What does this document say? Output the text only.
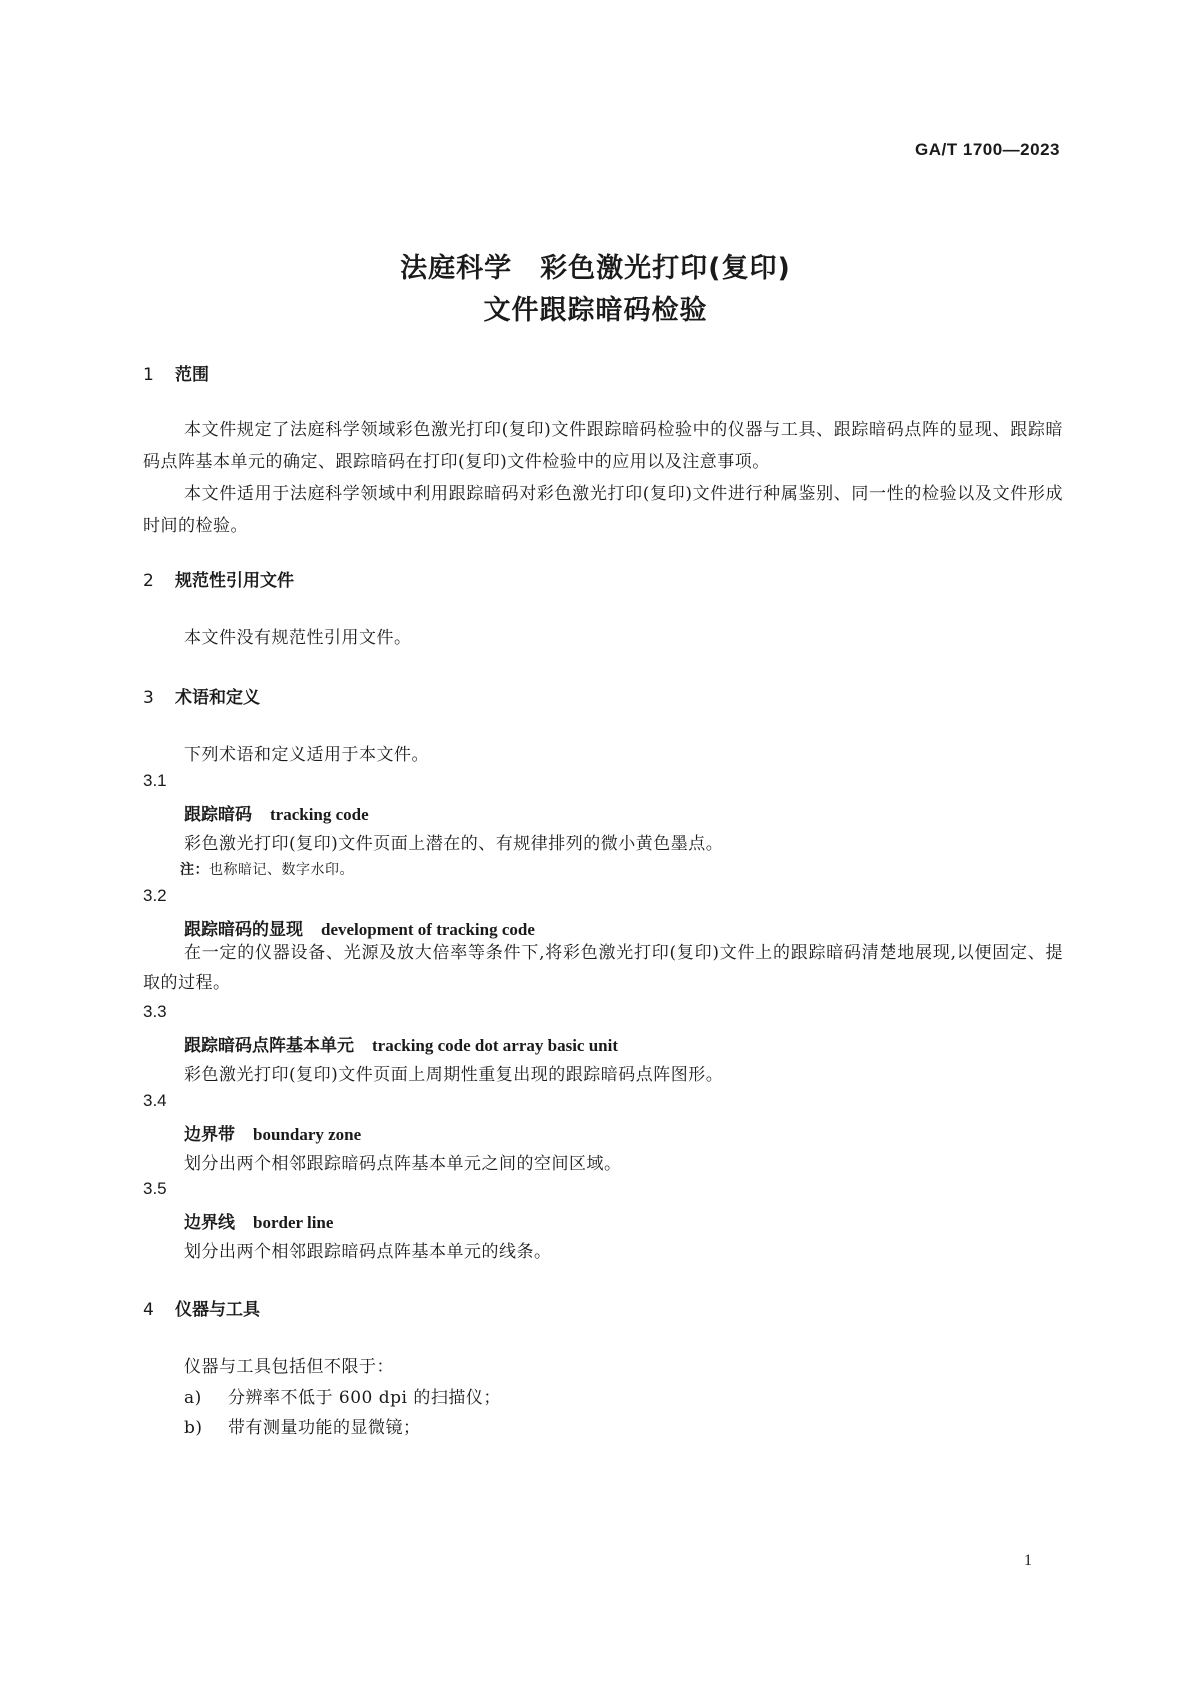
GA/T 1700—2023
法庭科学　彩色激光打印(复印)
文件跟踪暗码检验
1 范围
本文件规定了法庭科学领域彩色激光打印(复印)文件跟踪暗码检验中的仪器与工具、跟踪暗码点阵的显现、跟踪暗码点阵基本单元的确定、跟踪暗码在打印(复印)文件检验中的应用以及注意事项。
本文件适用于法庭科学领域中利用跟踪暗码对彩色激光打印(复印)文件进行种属鉴别、同一性的检验以及文件形成时间的检验。
2 规范性引用文件
本文件没有规范性引用文件。
3 术语和定义
下列术语和定义适用于本文件。
3.1
跟踪暗码 tracking code
彩色激光打印(复印)文件页面上潜在的、有规律排列的微小黄色墨点。
注：也称暗记、数字水印。
3.2
跟踪暗码的显现 development of tracking code
在一定的仪器设备、光源及放大倍率等条件下,将彩色激光打印(复印)文件上的跟踪暗码清楚地展现,以便固定、提取的过程。
3.3
跟踪暗码点阵基本单元 tracking code dot array basic unit
彩色激光打印(复印)文件页面上周期性重复出现的跟踪暗码点阵图形。
3.4
边界带 boundary zone
划分出两个相邻跟踪暗码点阵基本单元之间的空间区域。
3.5
边界线 border line
划分出两个相邻跟踪暗码点阵基本单元的线条。
4 仪器与工具
仪器与工具包括但不限于：
a) 分辨率不低于 600 dpi 的扫描仪；
b) 带有测量功能的显微镜；
1
